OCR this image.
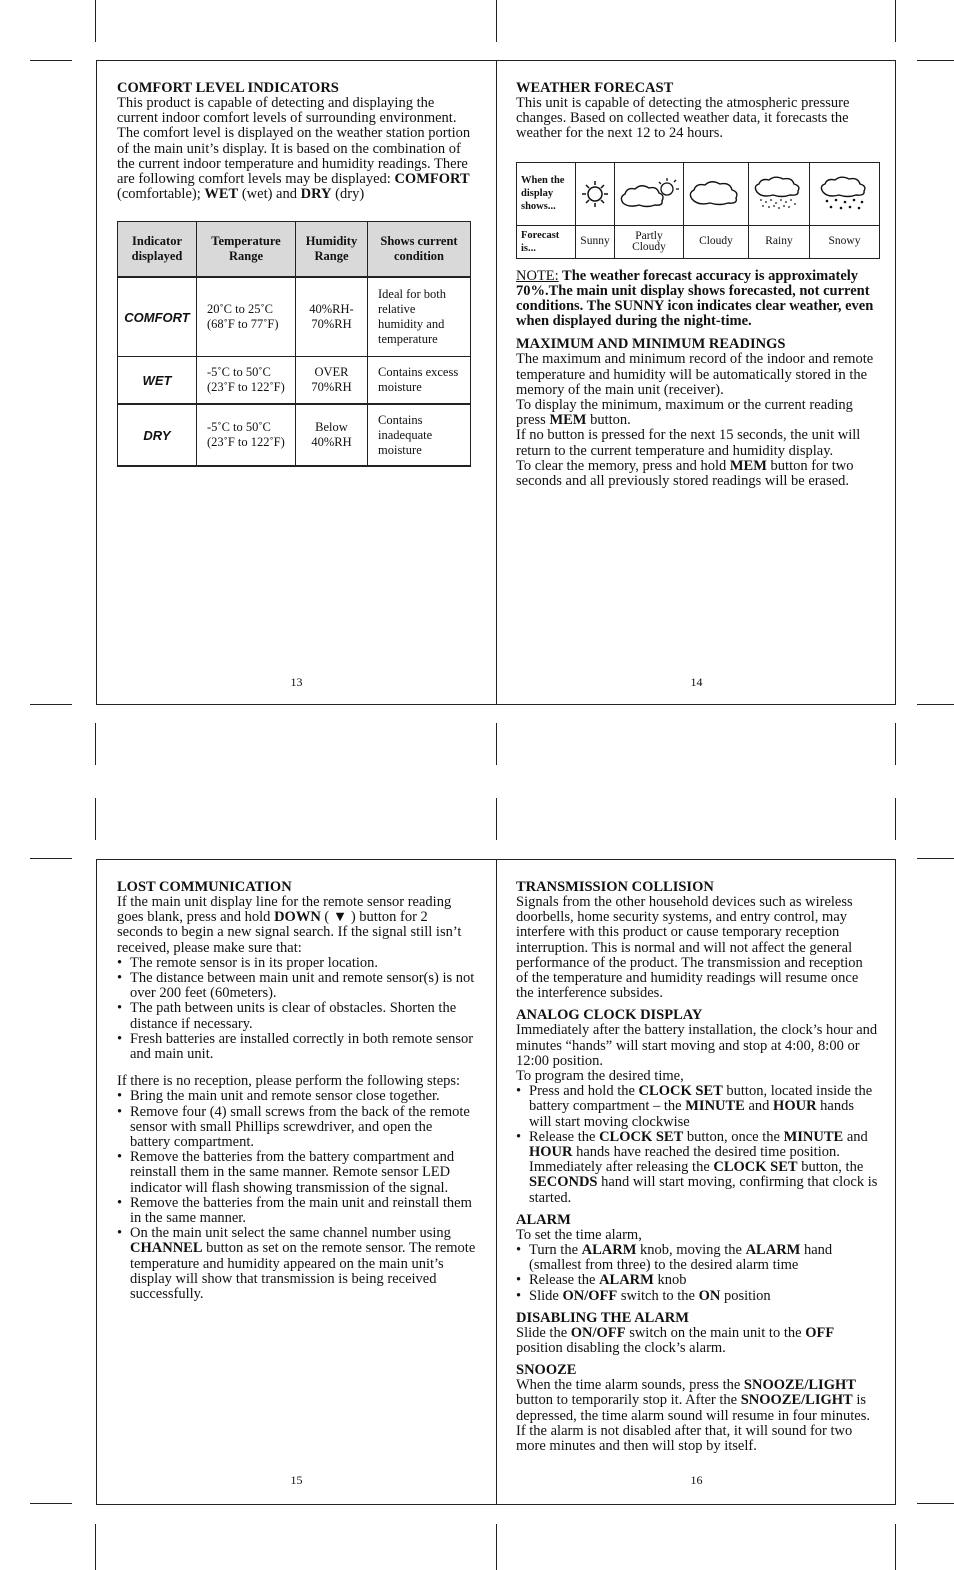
COMFORT LEVEL INDICATORS

This product is capable of detecting and displaying the current indoor comfort levels of surrounding environment. The comfort level is displayed on the weather station portion of the main unit’s display. It is based on the combination of the current indoor temperature and humidity readings. There are following comfort levels may be displayed: COMFORT (comfortable); WET (wet) and DRY (dry)

Indicator displayed	Temperature Range	Humidity Range	Shows current condition
COMFORT	20˚C to 25˚C (68˚F to 77˚F)	40%RH-70%RH	Ideal for both relative humidity and temperature
WET	-5˚C to 50˚C (23˚F to 122˚F)	OVER 70%RH	Contains excess moisture
DRY	-5˚C to 50˚C (23˚F to 122˚F)	Below 40%RH	Contains inadequate moisture
13
WEATHER FORECAST

This unit is capable of detecting the atmospheric pressure changes. Based on collected weather data, it forecasts the weather for the next 12 to 24 hours.

When the display shows...	

Forecast is...	Sunny	Partly Cloudy	Cloudy	Rainy	Snowy

NOTE: The weather forecast accuracy is approximately 70%.The main unit display shows forecasted, not current conditions. The SUNNY icon indicates clear weather, even when displayed during the night-time.

MAXIMUM AND MINIMUM READINGS

The maximum and minimum record of the indoor and remote temperature and humidity will be automatically stored in the memory of the main unit (receiver).

To display the minimum, maximum or the current reading press MEM button.

If no button is pressed for the next 15 seconds, the unit will return to the current temperature and humidity display.

To clear the memory, press and hold MEM button for two seconds and all previously stored readings will be erased.

14
LOST COMMUNICATION

If the main unit display line for the remote sensor reading goes blank, press and hold DOWN ( ▼ ) button for 2 seconds to begin a new signal search. If the signal still isn’t received, please make sure that:

• The remote sensor is in its proper location.
• The distance between main unit and remote sensor(s) is not over 200 feet (60meters).
• The path between units is clear of obstacles. Shorten the distance if necessary.
• Fresh batteries are installed correctly in both remote sensor and main unit.

If there is no reception, please perform the following steps:

• Bring the main unit and remote sensor close together.
• Remove four (4) small screws from the back of the remote sensor with small Phillips screwdriver, and open the battery compartment.
• Remove the batteries from the battery compartment and reinstall them in the same manner. Remote sensor LED indicator will flash showing transmission of the signal.
• Remove the batteries from the main unit and reinstall them in the same manner.
• On the main unit select the same channel number using CHANNEL button as set on the remote sensor. The remote temperature and humidity appeared on the main unit’s display will show that transmission is being received successfully.
15
TRANSMISSION COLLISION

Signals from the other household devices such as wireless doorbells, home security systems, and entry control, may interfere with this product or cause temporary reception interruption. This is normal and will not affect the general performance of the product. The transmission and reception of the temperature and humidity readings will resume once the interference subsides.

ANALOG CLOCK DISPLAY

Immediately after the battery installation, the clock’s hour and minutes “hands” will start moving and stop at 4:00, 8:00 or 12:00 position.

To program the desired time,

• Press and hold the CLOCK SET button, located inside the battery compartment – the MINUTE and HOUR hands will start moving clockwise
• Release the CLOCK SET button, once the MINUTE and HOUR hands have reached the desired time position. Immediately after releasing the CLOCK SET button, the SECONDS hand will start moving, confirming that clock is started.
ALARM

To set the time alarm,

• Turn the ALARM knob, moving the ALARM hand (smallest from three) to the desired alarm time
• Release the ALARM knob
• Slide ON/OFF switch to the ON position
DISABLING THE ALARM

Slide the ON/OFF switch on the main unit to the OFF position disabling the clock’s alarm.

SNOOZE

When the time alarm sounds, press the SNOOZE/LIGHT button to temporarily stop it. After the SNOOZE/LIGHT is depressed, the time alarm sound will resume in four minutes. If the alarm is not disabled after that, it will sound for two more minutes and then will stop by itself.

16
